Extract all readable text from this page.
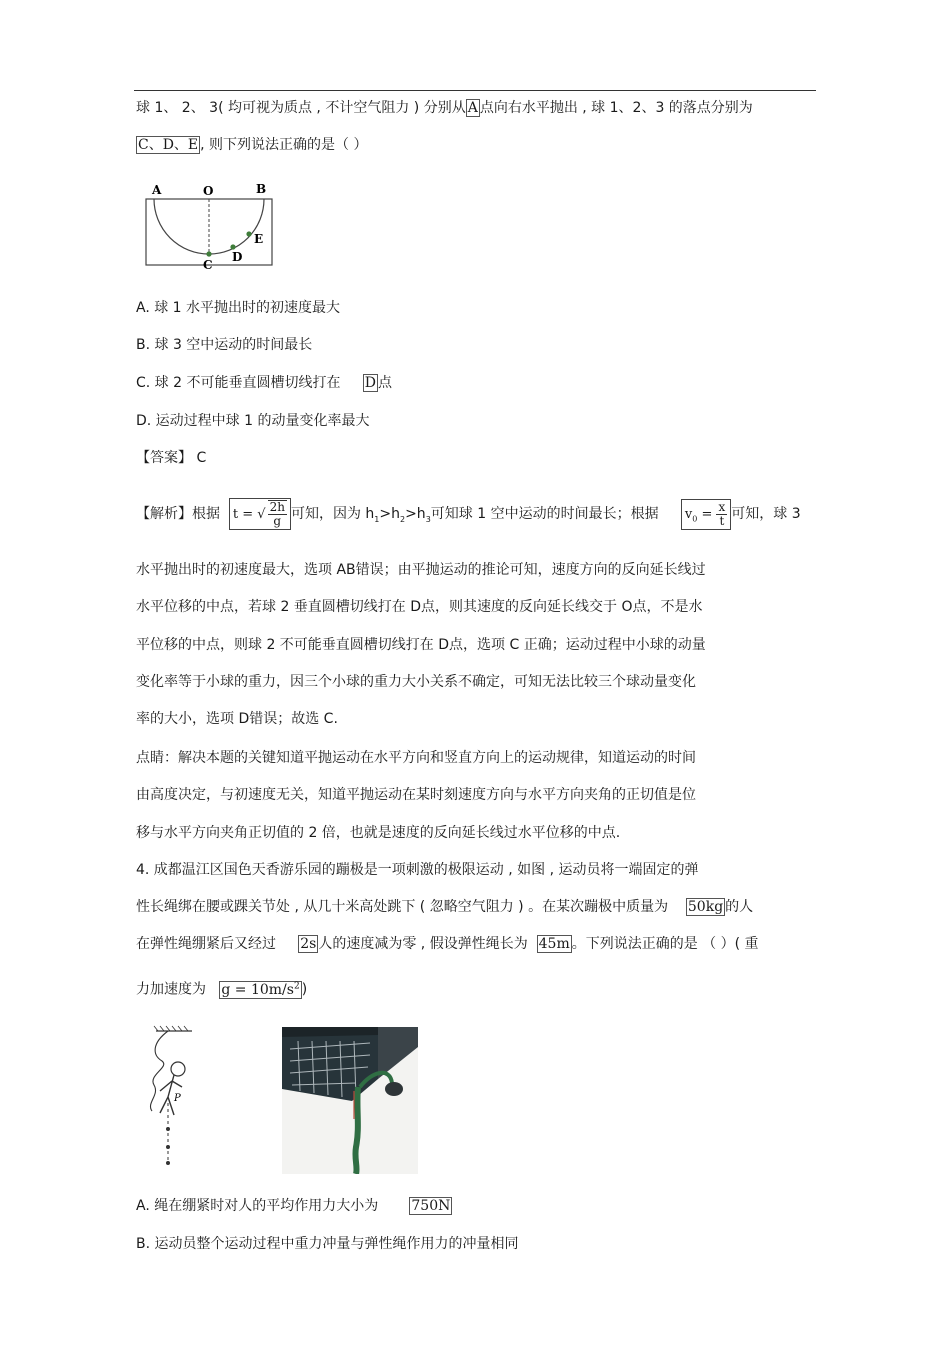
球 1、 2、 3( 均可视为质点 , 不计空气阻力 ) 分别从 A 点向右水平抛出 , 球 1、2、3 的落点分别为
C、D、E , 则下列说法正确的是（ ）
A	O	B
C
D
E
A. 球 1 水平抛出时的初速度最大
B. 球 3 空中运动的时间最长
C. 球 2 不可能垂直圆槽切线打在 D 点
D. 运动过程中球 1 的动量变化率最大
【答案】 C
【解析】根据 t = √ $\frac{2h}{g}$ 可知，因为 $h_1>h_2>h_3$可知球 1 空中运动的时间最长；根据 $v_0 = \frac{x}{t}$ 可知，球 3
水平抛出时的初速度最大，选项 AB错误；由平抛运动的推论可知，速度方向的反向延长线过
水平位移的中点，若球 2 垂直圆槽切线打在 D点，则其速度的反向延长线交于 O点，不是水
平位移的中点，则球 2 不可能垂直圆槽切线打在 D点，选项 C 正确；运动过程中小球的动量
变化率等于小球的重力，因三个小球的重力大小关系不确定，可知无法比较三个球动量变化
率的大小，选项 D错误；故选 C.
点睛：解决本题的关键知道平抛运动在水平方向和竖直方向上的运动规律，知道运动的时间
由高度决定，与初速度无关，知道平抛运动在某时刻速度方向与水平方向夹角的正切值是位
移与水平方向夹角正切值的 2 倍，也就是速度的反向延长线过水平位移的中点.
4. 成都温江区国色天香游乐园的蹦极是一项刺激的极限运动 , 如图 , 运动员将一端固定的弹
性长绳绑在腰或踝关节处 , 从几十米高处跳下 ( 忽略空气阻力 ) 。在某次蹦极中质量为 50kg 的人
在弹性绳绷紧后又经过 2s 人的速度减为零 , 假设弹性绳长为 45m 。下列说法正确的是 （ ）( 重
力加速度为 $g = 10m/s^2$ )
P
A. 绳在绷紧时对人的平均作用力大小为 750N
B. 运动员整个运动过程中重力冲量与弹性绳作用力的冲量相同
